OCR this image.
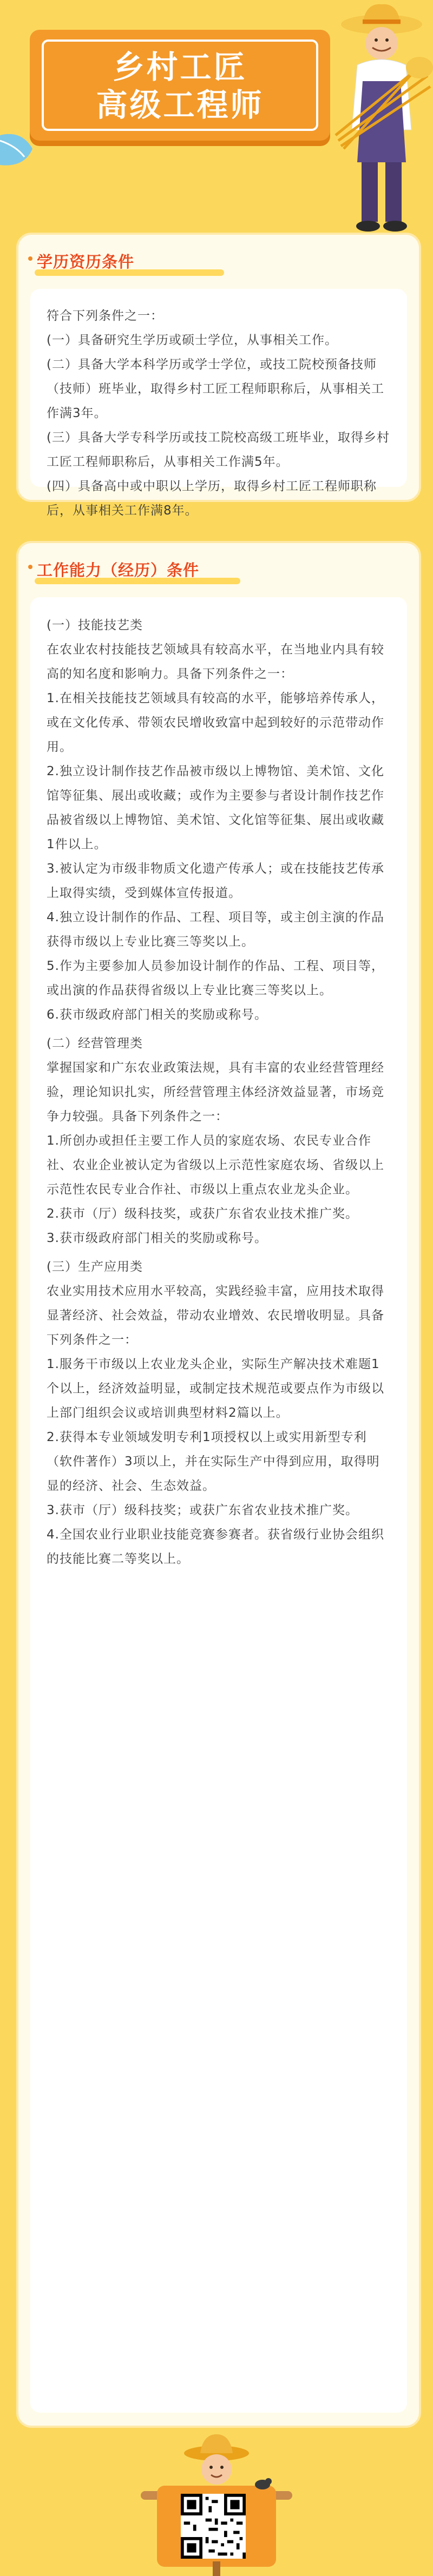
乡村工匠
高级工程师
学历资历条件

符合下列条件之一：

(一）具备研究生学历或硕士学位，从事相关工作。

(二）具备大学本科学历或学士学位，或技工院校预备技师（技师）班毕业，取得乡村工匠工程师职称后，从事相关工作满3年。

(三）具备大学专科学历或技工院校高级工班毕业，取得乡村工匠工程师职称后，从事相关工作满5年。

(四）具备高中或中职以上学历，取得乡村工匠工程师职称后，从事相关工作满8年。

工作能力（经历）条件

(一）技能技艺类

在农业农村技能技艺领域具有较高水平，在当地业内具有较高的知名度和影响力。具备下列条件之一：

1.在相关技能技艺领域具有较高的水平，能够培养传承人，或在文化传承、带领农民增收致富中起到较好的示范带动作用。

2.独立设计制作技艺作品被市级以上博物馆、美术馆、文化馆等征集、展出或收藏；或作为主要参与者设计制作技艺作品被省级以上博物馆、美术馆、文化馆等征集、展出或收藏1件以上。

3.被认定为市级非物质文化遗产传承人；或在技能技艺传承上取得实绩，受到媒体宣传报道。

4.独立设计制作的作品、工程、项目等，或主创主演的作品获得市级以上专业比赛三等奖以上。

5.作为主要参加人员参加设计制作的作品、工程、项目等，或出演的作品获得省级以上专业比赛三等奖以上。

6.获市级政府部门相关的奖励或称号。

(二）经营管理类

掌握国家和广东农业政策法规，具有丰富的农业经营管理经验，理论知识扎实，所经营管理主体经济效益显著，市场竞争力较强。具备下列条件之一：

1.所创办或担任主要工作人员的家庭农场、农民专业合作社、农业企业被认定为省级以上示范性家庭农场、省级以上示范性农民专业合作社、市级以上重点农业龙头企业。

2.获市（厅）级科技奖，或获广东省农业技术推广奖。

3.获市级政府部门相关的奖励或称号。

(三）生产应用类

农业实用技术应用水平较高，实践经验丰富，应用技术取得显著经济、社会效益，带动农业增效、农民增收明显。具备下列条件之一：

1.服务干市级以上农业龙头企业，实际生产解决技术难题1个以上，经济效益明显，或制定技术规范或要点作为市级以上部门组织会议或培训典型材料2篇以上。

2.获得本专业领域发明专利1项授权以上或实用新型专利（软件著作）3项以上，并在实际生产中得到应用，取得明显的经济、社会、生态效益。

3.获市（厅）级科技奖；或获广东省农业技术推广奖。

4.全国农业行业职业技能竞赛参赛者。获省级行业协会组织的技能比赛二等奖以上。
